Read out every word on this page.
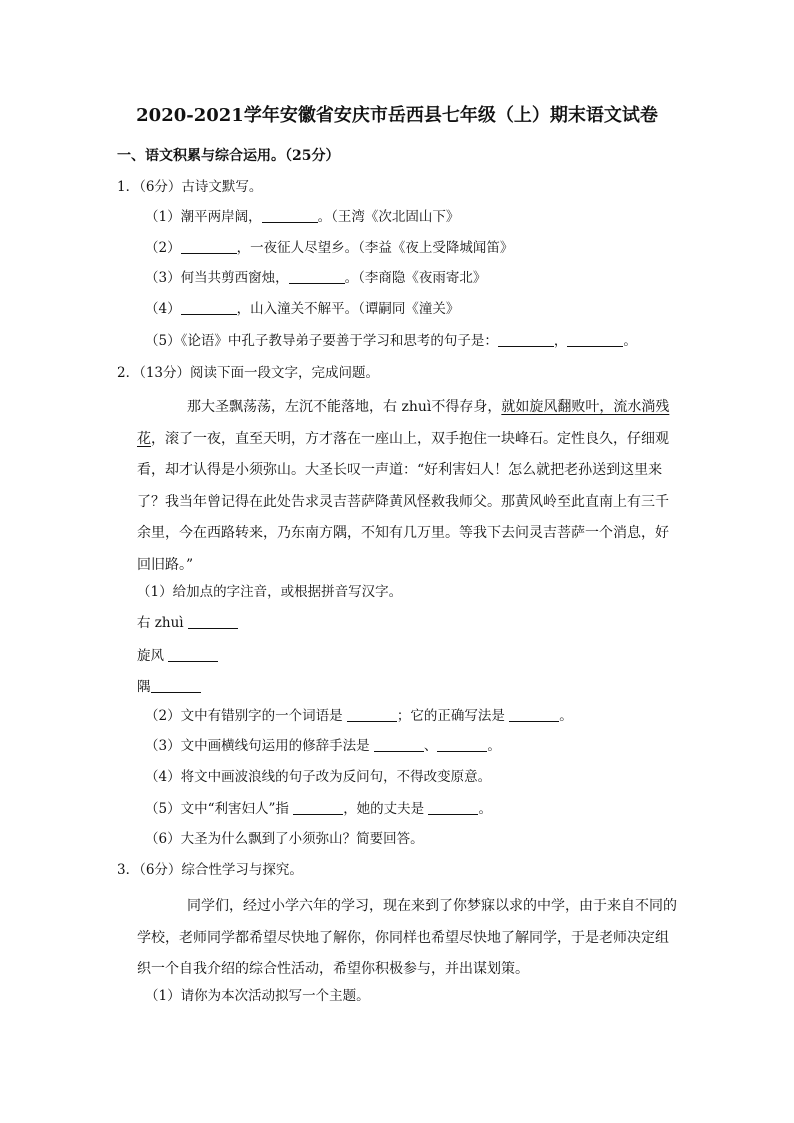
2020-2021学年安徽省安庆市岳西县七年级（上）期末语文试卷
一、语文积累与综合运用。（25分）
1．（6分）古诗文默写。
（1）潮平两岸阔，	。（王湾《次北固山下》
（2）	，一夜征人尽望乡。（李益《夜上受降城闻笛》
（3）何当共剪西窗烛，	。（李商隐《夜雨寄北》
（4）	，山入潼关不解平。（谭嗣同《潼关》
（5）《论语》中孔子教导弟子要善于学习和思考的句子是：	，	。
2．（13分）阅读下面一段文字，完成问题。
那大圣飘荡荡，左沉不能落地，右 zhuì不得存身，就如旋风翻败叶，流水淌残花，滚了一夜，直至天明，方才落在一座山上，双手抱住一块峰石。定性良久，仔细观看，却才认得是小须弥山。大圣长叹一声道：“好利害妇人！怎么就把老孙送到这里来了？我当年曾记得在此处告求灵吉菩萨降黄风怪救我师父。那黄风岭至此直南上有三千余里，今在西路转来，乃东南方隅，不知有几万里。等我下去问灵吉菩萨一个消息，好回旧路。”
（1）给加点的字注音，或根据拼音写汉字。
右 zhuì
旋风
隅
（2）文中有错别字的一个词语是	；它的正确写法是	。
（3）文中画横线句运用的修辞手法是	、	。
（4）将文中画波浪线的句子改为反问句，不得改变原意。
（5）文中“利害妇人”指	，她的丈夫是	。
（6）大圣为什么飘到了小须弥山？简要回答。
3．（6分）综合性学习与探究。
同学们，经过小学六年的学习，现在来到了你梦寐以求的中学，由于来自不同的学校，老师同学都希望尽快地了解你，你同样也希望尽快地了解同学，于是老师决定组织一个自我介绍的综合性活动，希望你积极参与，并出谋划策。
（1）请你为本次活动拟写一个主题。
